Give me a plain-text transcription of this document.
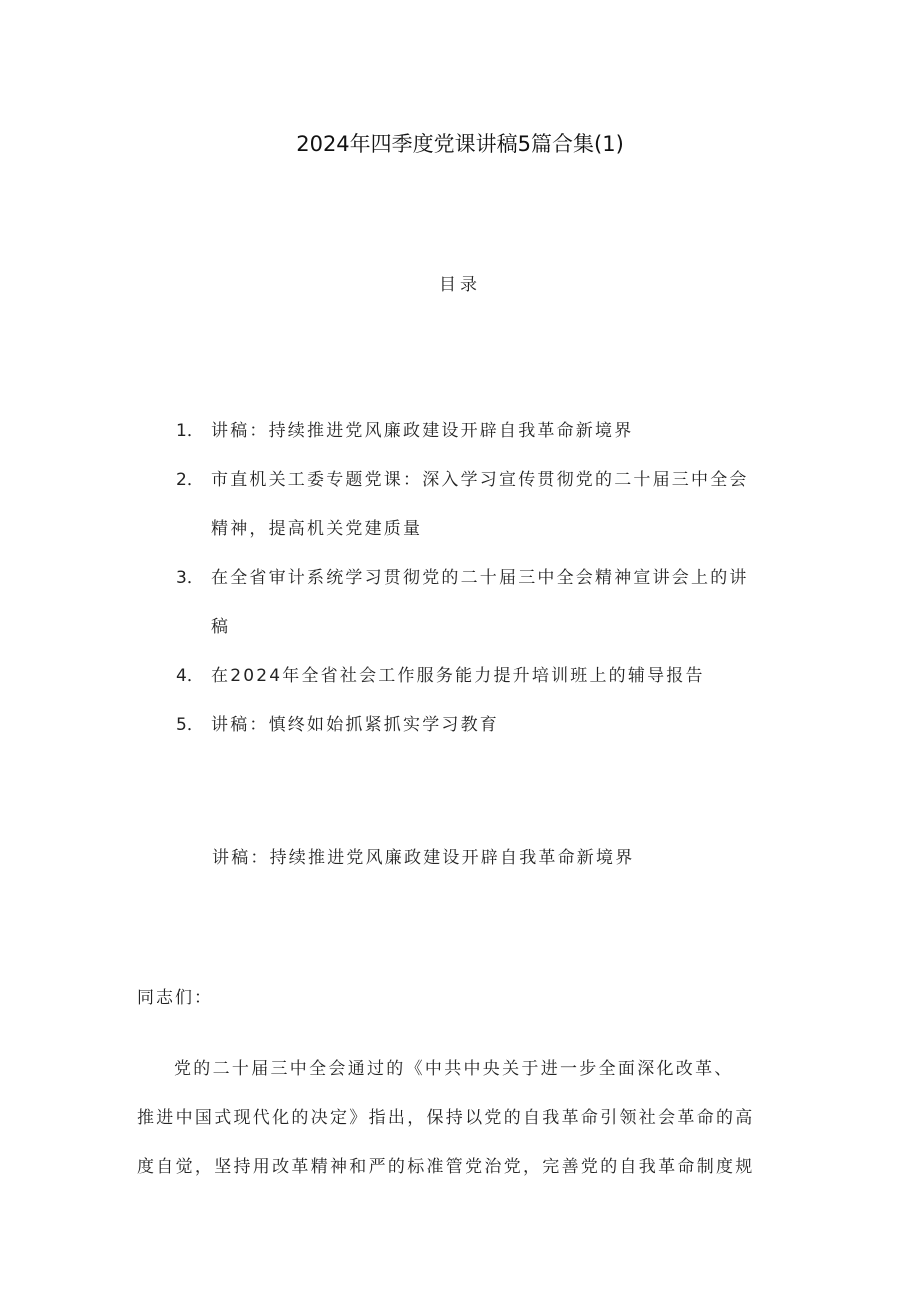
2024年四季度党课讲稿5篇合集(1)
目录
1． 讲稿：持续推进党风廉政建设开辟自我革命新境界
2． 市直机关工委专题党课：深入学习宣传贯彻党的二十届三中全会
精神，提高机关党建质量
3． 在全省审计系统学习贯彻党的二十届三中全会精神宣讲会上的讲
稿
4． 在2024年全省社会工作服务能力提升培训班上的辅导报告
5． 讲稿：慎终如始抓紧抓实学习教育
讲稿：持续推进党风廉政建设开辟自我革命新境界
同志们：

党的二十届三中全会通过的《中共中央关于进一步全面深化改革、
推进中国式现代化的决定》指出，保持以党的自我革命引领社会革命的高
度自觉，坚持用改革精神和严的标准管党治党，完善党的自我革命制度规
